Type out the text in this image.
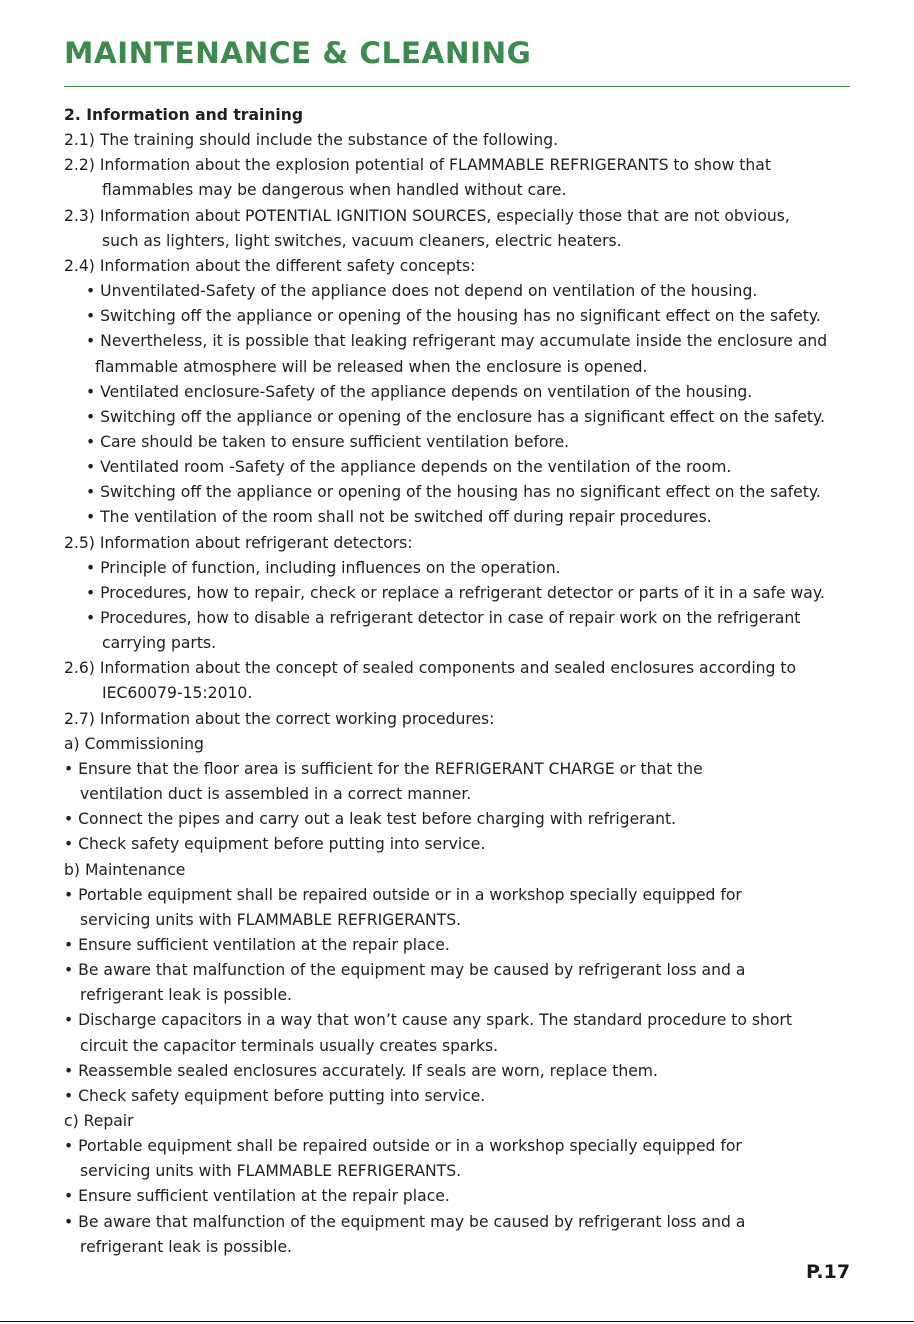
MAINTENANCE & CLEANING
2. Information and training
2.1) The training should include the substance of the following.
2.2) Information about the explosion potential of FLAMMABLE REFRIGERANTS to show that
flammables may be dangerous when handled without care.
2.3) Information about POTENTIAL IGNITION SOURCES, especially those that are not obvious,
such as lighters, light switches, vacuum cleaners, electric heaters.
2.4) Information about the different safety concepts:
• Unventilated-Safety of the appliance does not depend on ventilation of the housing.
• Switching off the appliance or opening of the housing has no significant effect on the safety.
• Nevertheless, it is possible that leaking refrigerant may accumulate inside the enclosure and
flammable atmosphere will be released when the enclosure is opened.
• Ventilated enclosure-Safety of the appliance depends on ventilation of the housing.
• Switching off the appliance or opening of the enclosure has a significant effect on the safety.
• Care should be taken to ensure sufficient ventilation before.
• Ventilated room -Safety of the appliance depends on the ventilation of the room.
• Switching off the appliance or opening of the housing has no significant effect on the safety.
• The ventilation of the room shall not be switched off during repair procedures.
2.5) Information about refrigerant detectors:
• Principle of function, including influences on the operation.
• Procedures, how to repair, check or replace a refrigerant detector or parts of it in a safe way.
• Procedures, how to disable a refrigerant detector in case of repair work on the refrigerant
carrying parts.
2.6) Information about the concept of sealed components and sealed enclosures according to
IEC60079-15:2010.
2.7) Information about the correct working procedures:
a) Commissioning
• Ensure that the floor area is sufficient for the REFRIGERANT CHARGE or that the
ventilation duct is assembled in a correct manner.
• Connect the pipes and carry out a leak test before charging with refrigerant.
• Check safety equipment before putting into service.
b) Maintenance
• Portable equipment shall be repaired outside or in a workshop specially equipped for
servicing units with FLAMMABLE REFRIGERANTS.
• Ensure sufficient ventilation at the repair place.
• Be aware that malfunction of the equipment may be caused by refrigerant loss and a
refrigerant leak is possible.
• Discharge capacitors in a way that won’t cause any spark. The standard procedure to short
circuit the capacitor terminals usually creates sparks.
• Reassemble sealed enclosures accurately. If seals are worn, replace them.
• Check safety equipment before putting into service.
c) Repair
• Portable equipment shall be repaired outside or in a workshop specially equipped for
servicing units with FLAMMABLE REFRIGERANTS.
• Ensure sufficient ventilation at the repair place.
• Be aware that malfunction of the equipment may be caused by refrigerant loss and a
refrigerant leak is possible.

P.17
